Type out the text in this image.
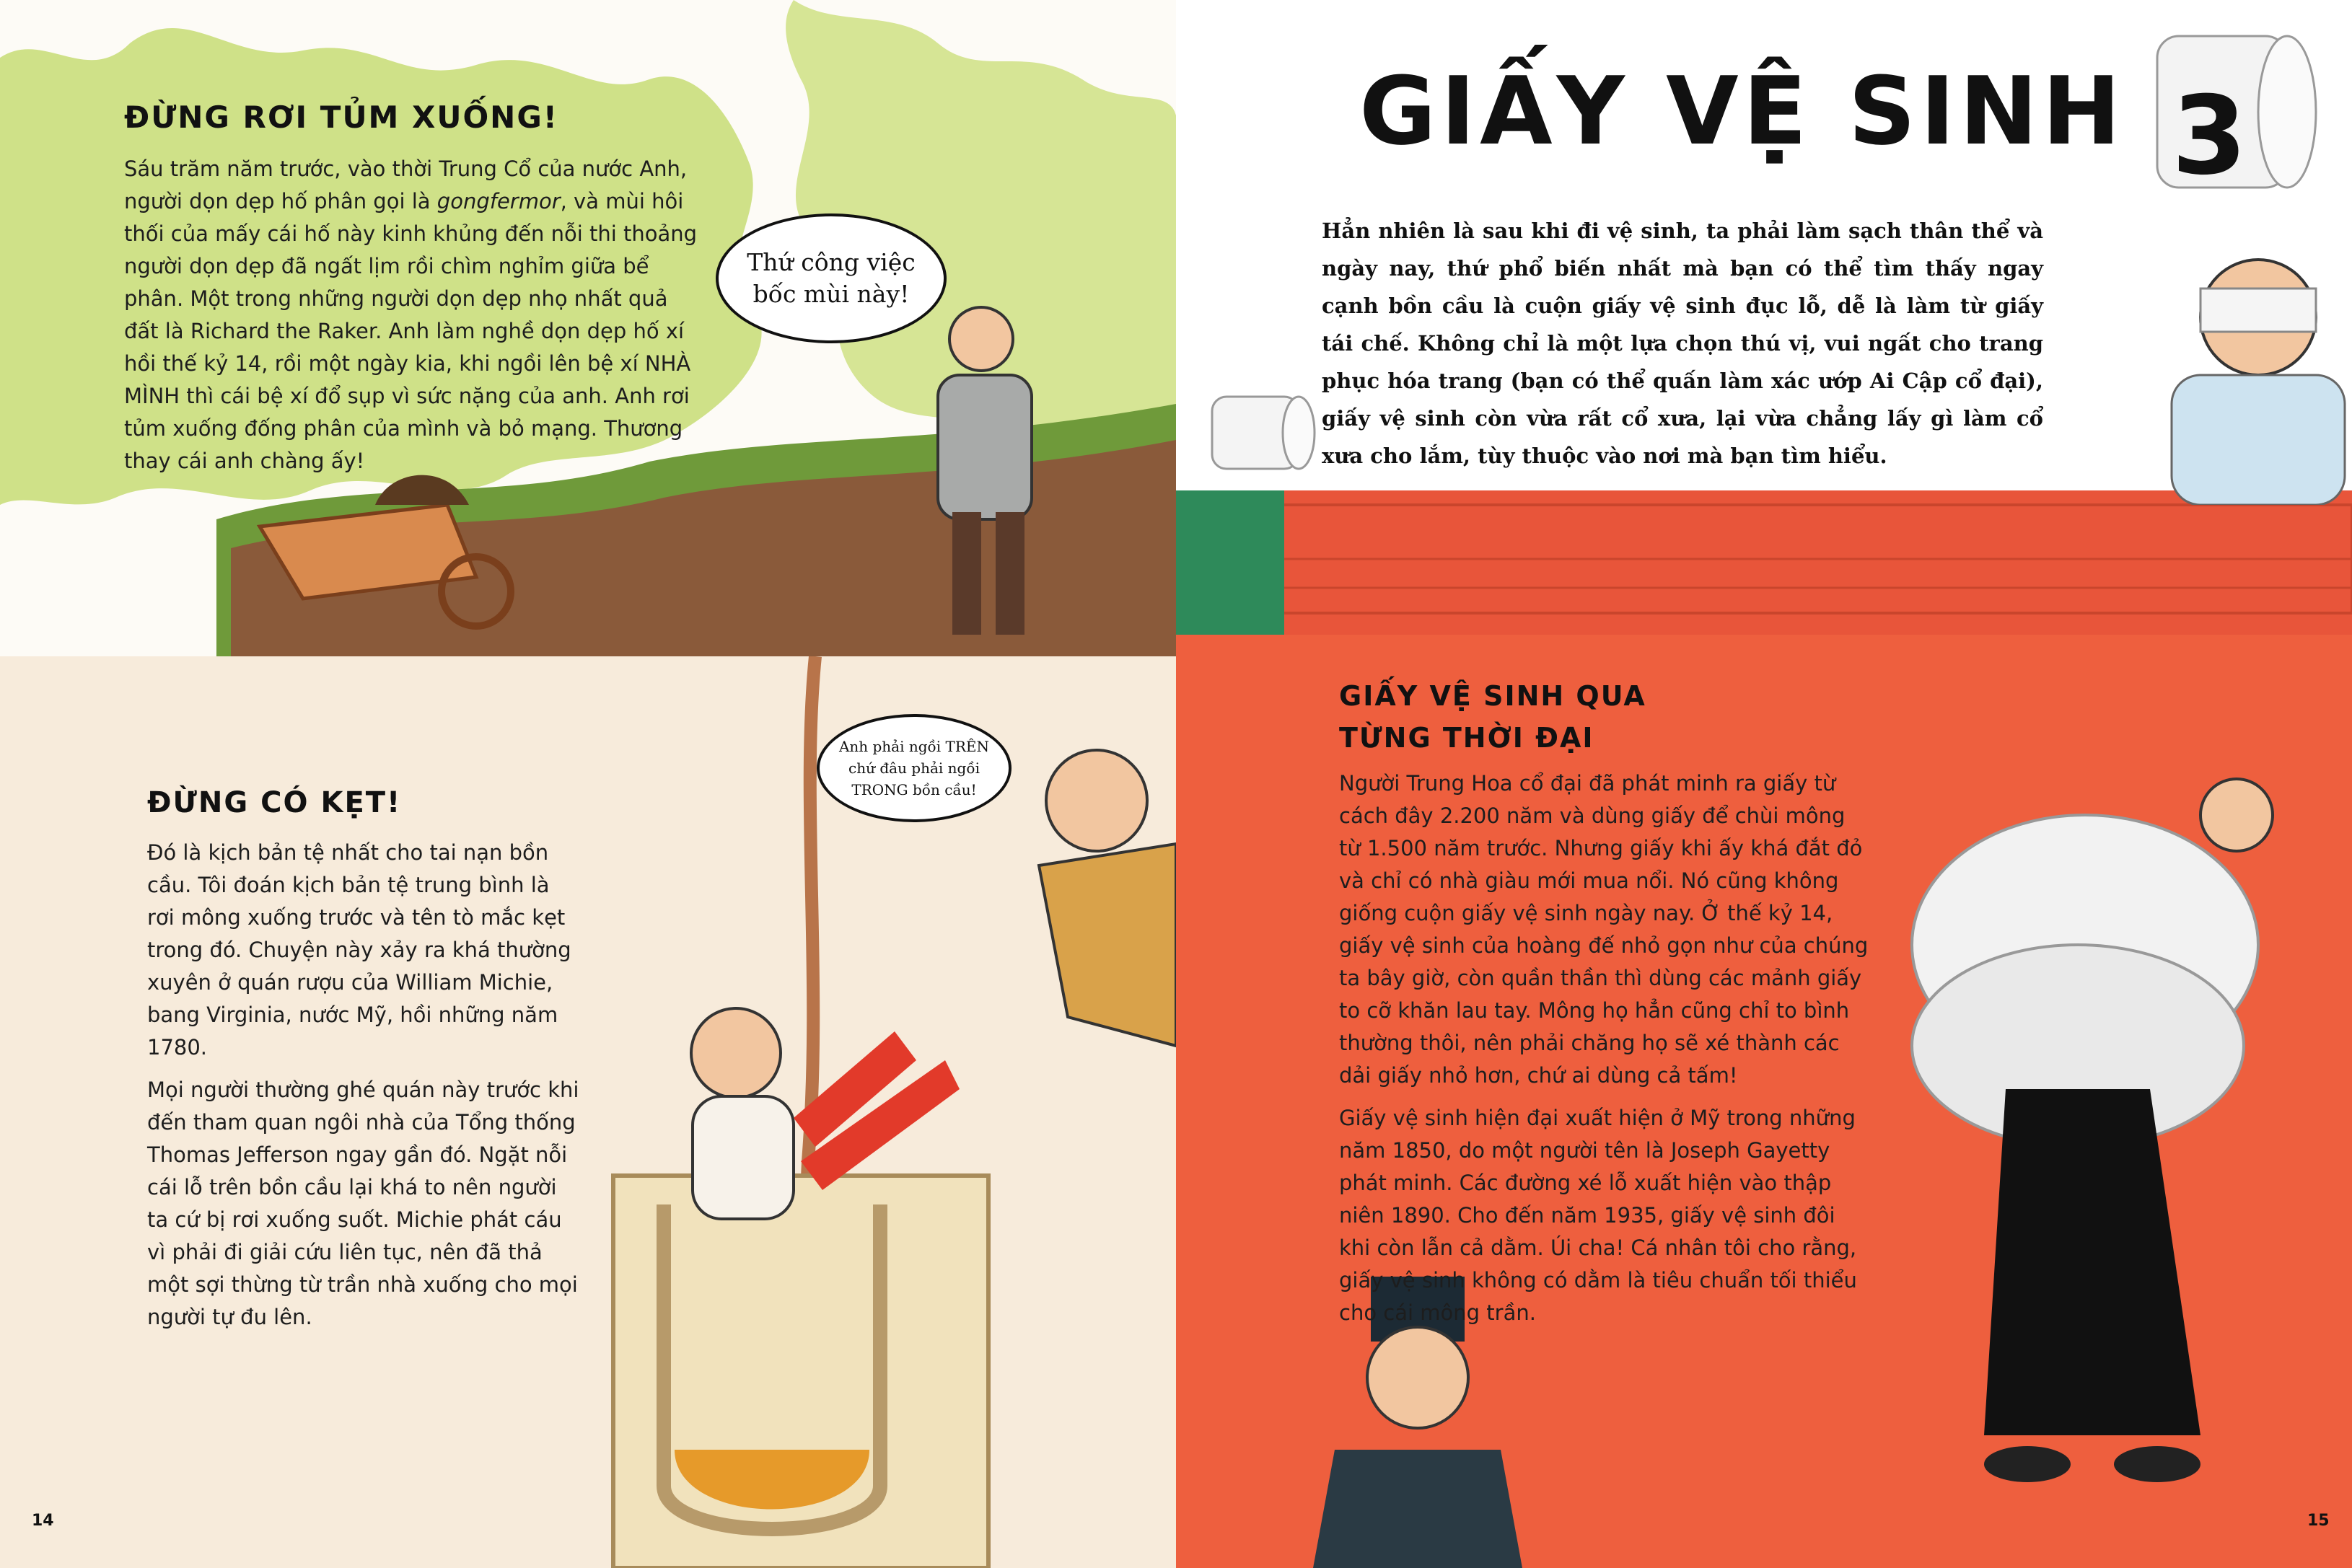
ĐỪNG RƠI TỦM XUỐNG!
Sáu trăm năm trước, vào thời Trung Cổ của nước Anh, người dọn dẹp hố phân gọi là gongfermor, và mùi hôi thối của mấy cái hố này kinh khủng đến nỗi thi thoảng người dọn dẹp đã ngất lịm rồi chìm nghỉm giữa bể phân. Một trong những người dọn dẹp nhọ nhất quả đất là Richard the Raker. Anh làm nghề dọn dẹp hố xí hồi thế kỷ 14, rồi một ngày kia, khi ngồi lên bệ xí NHÀ MÌNH thì cái bệ xí đổ sụp vì sức nặng của anh. Anh rơi tủm xuống đống phân của mình và bỏ mạng. Thương thay cái anh chàng ấy!
Thứ công việc bốc mùi này!
Anh phải ngồi TRÊN chứ đâu phải ngồi TRONG bồn cầu!
ĐỪNG CÓ KẸT!

Đó là kịch bản tệ nhất cho tai nạn bồn cầu. Tôi đoán kịch bản tệ trung bình là rơi mông xuống trước và tên tò mắc kẹt trong đó. Chuyện này xảy ra khá thường xuyên ở quán rượu của William Michie, bang Virginia, nước Mỹ, hồi những năm 1780.

Mọi người thường ghé quán này trước khi đến tham quan ngôi nhà của Tổng thống Thomas Jefferson ngay gần đó. Ngặt nỗi cái lỗ trên bồn cầu lại khá to nên người ta cứ bị rơi xuống suốt. Michie phát cáu vì phải đi giải cứu liên tục, nên đã thả một sợi thừng từ trần nhà xuống cho mọi người tự đu lên.

14
3
GIẤY VỆ SINH
Hẳn nhiên là sau khi đi vệ sinh, ta phải làm sạch thân thể và ngày nay, thứ phổ biến nhất mà bạn có thể tìm thấy ngay cạnh bồn cầu là cuộn giấy vệ sinh đục lỗ, dễ là làm từ giấy tái chế. Không chỉ là một lựa chọn thú vị, vui ngất cho trang phục hóa trang (bạn có thể quấn làm xác ướp Ai Cập cổ đại), giấy vệ sinh còn vừa rất cổ xưa, lại vừa chẳng lấy gì làm cổ xưa cho lắm, tùy thuộc vào nơi mà bạn tìm hiểu.
GIẤY VỆ SINH QUA
TỪNG THỜI ĐẠI

Người Trung Hoa cổ đại đã phát minh ra giấy từ cách đây 2.200 năm và dùng giấy để chùi mông từ 1.500 năm trước. Nhưng giấy khi ấy khá đắt đỏ và chỉ có nhà giàu mới mua nổi. Nó cũng không giống cuộn giấy vệ sinh ngày nay. Ở thế kỷ 14, giấy vệ sinh của hoàng đế nhỏ gọn như của chúng ta bây giờ, còn quần thần thì dùng các mảnh giấy to cỡ khăn lau tay. Mông họ hẳn cũng chỉ to bình thường thôi, nên phải chăng họ sẽ xé thành các dải giấy nhỏ hơn, chứ ai dùng cả tấm!

Giấy vệ sinh hiện đại xuất hiện ở Mỹ trong những năm 1850, do một người tên là Joseph Gayetty phát minh. Các đường xé lỗ xuất hiện vào thập niên 1890. Cho đến năm 1935, giấy vệ sinh đôi khi còn lẫn cả dằm. Úi cha! Cá nhân tôi cho rằng, giấy vệ sinh không có dằm là tiêu chuẩn tối thiểu cho cái mông trần.

15
